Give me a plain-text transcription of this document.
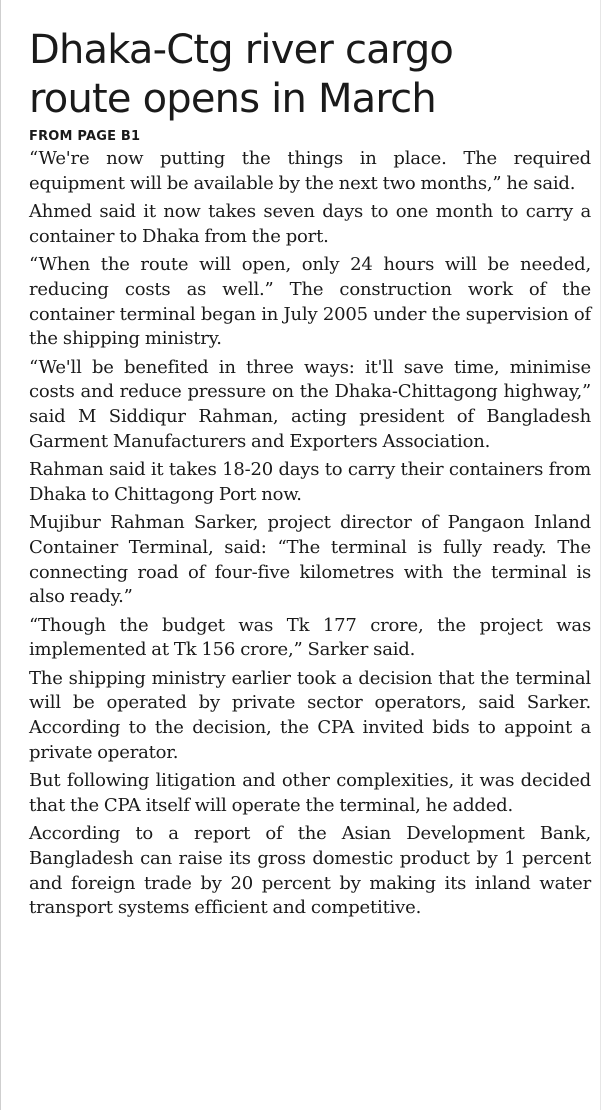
Dhaka-Ctg river cargo
route opens in March
FROM PAGE B1

“We're now putting the things in place. The required equipment will be available by the next two months,” he said.

Ahmed said it now takes seven days to one month to carry a container to Dhaka from the port.

“When the route will open, only 24 hours will be needed, reducing costs as well.” The construction work of the container terminal began in July 2005 under the supervision of the shipping ministry.

“We'll be benefited in three ways: it'll save time, minimise costs and reduce pressure on the Dhaka-Chittagong highway,” said M Siddiqur Rahman, acting president of Bangladesh Garment Manufacturers and Exporters Association.

Rahman said it takes 18-20 days to carry their containers from Dhaka to Chittagong Port now.

Mujibur Rahman Sarker, project director of Pangaon Inland Container Terminal, said: “The terminal is fully ready. The connecting road of four-five kilometres with the terminal is also ready.”

“Though the budget was Tk 177 crore, the project was implemented at Tk 156 crore,” Sarker said.

The shipping ministry earlier took a decision that the terminal will be operated by private sector operators, said Sarker. According to the decision, the CPA invited bids to appoint a private operator.

But following litigation and other complexities, it was decided that the CPA itself will operate the terminal, he added.

According to a report of the Asian Development Bank, Bangladesh can raise its gross domestic product by 1 percent and foreign trade by 20 percent by making its inland water transport systems efficient and competitive.
